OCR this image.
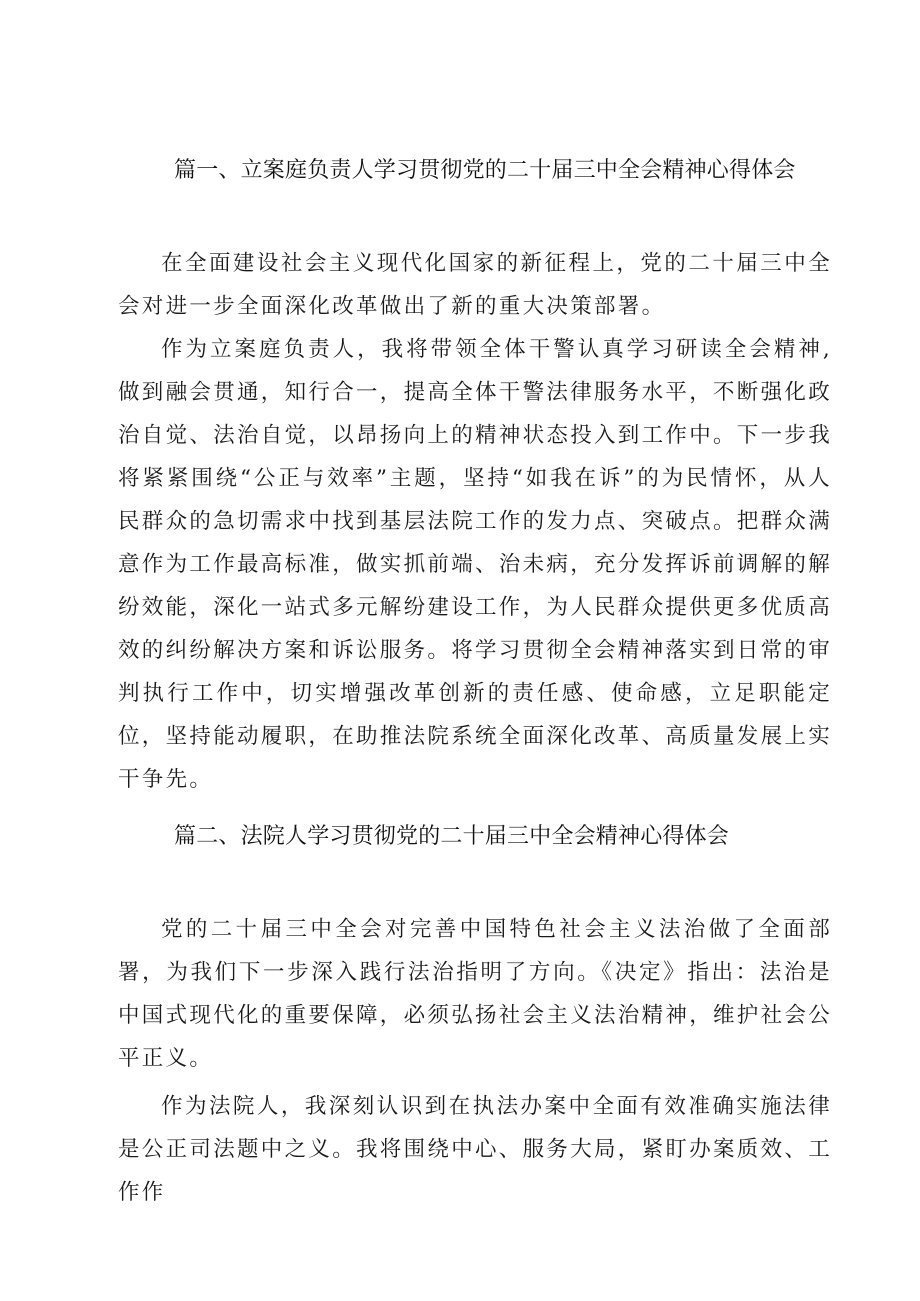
篇一、立案庭负责人学习贯彻党的二十届三中全会精神心得体会

在全面建设社会主义现代化国家的新征程上，党的二十届三中全会对进一步全面深化改革做出了新的重大决策部署。

作为立案庭负责人，我将带领全体干警认真学习研读全会精神,做到融会贯通，知行合一，提高全体干警法律服务水平，不断强化政治自觉、法治自觉，以昂扬向上的精神状态投入到工作中。下一步我将紧紧围绕“公正与效率”主题，坚持“如我在诉”的为民情怀，从人民群众的急切需求中找到基层法院工作的发力点、突破点。把群众满意作为工作最高标准，做实抓前端、治未病，充分发挥诉前调解的解纷效能，深化一站式多元解纷建设工作，为人民群众提供更多优质高效的纠纷解决方案和诉讼服务。将学习贯彻全会精神落实到日常的审判执行工作中，切实增强改革创新的责任感、使命感，立足职能定位，坚持能动履职，在助推法院系统全面深化改革、高质量发展上实干争先。

篇二、法院人学习贯彻党的二十届三中全会精神心得体会

党的二十届三中全会对完善中国特色社会主义法治做了全面部署，为我们下一步深入践行法治指明了方向。《决定》指出：法治是中国式现代化的重要保障，必须弘扬社会主义法治精神，维护社会公平正义。

作为法院人，我深刻认识到在执法办案中全面有效准确实施法律是公正司法题中之义。我将围绕中心、服务大局，紧盯办案质效、工作作
